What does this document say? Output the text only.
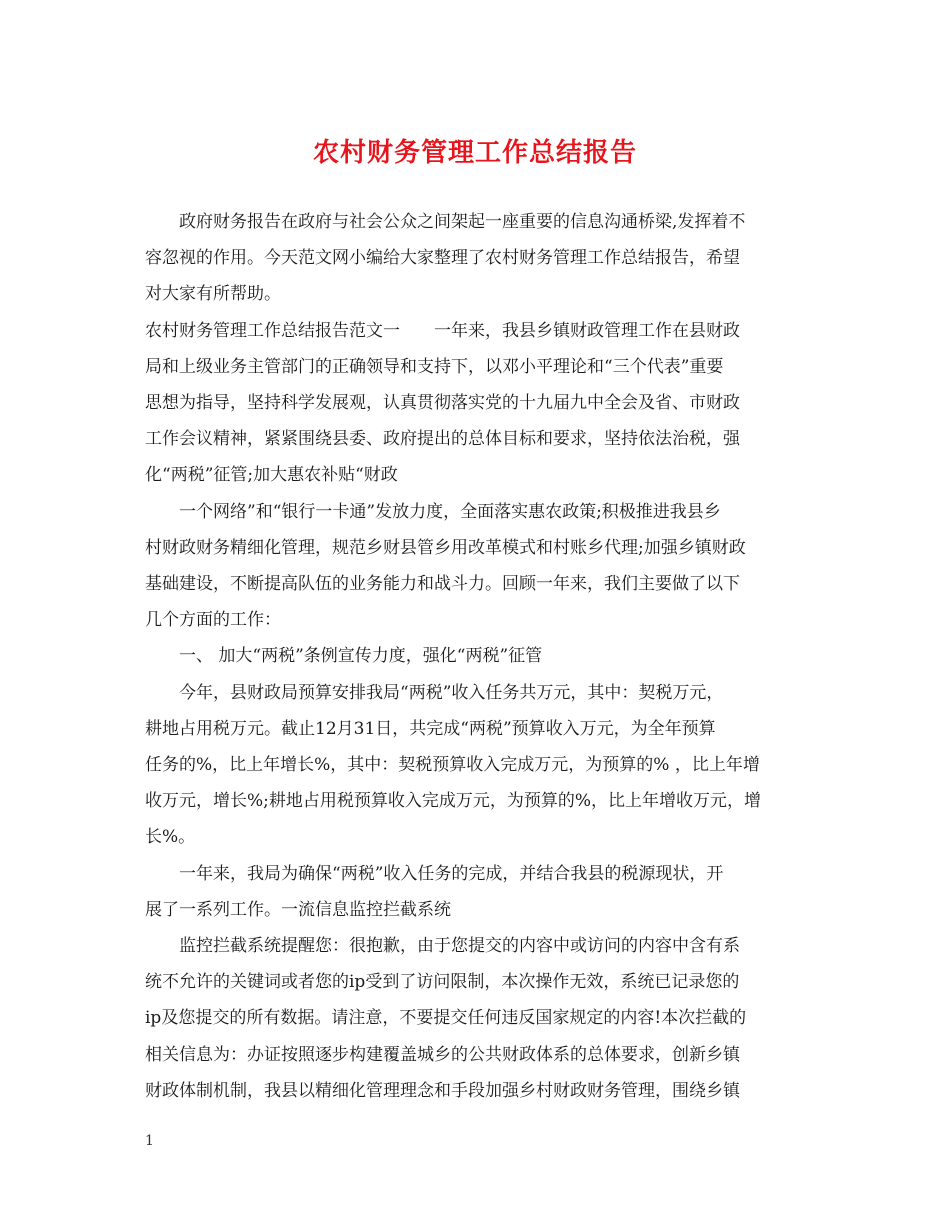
农村财务管理工作总结报告
政府财务报告在政府与社会公众之间架起一座重要的信息沟通桥梁,发挥着不
容忽视的作用。今天范文网小编给大家整理了农村财务管理工作总结报告，希望
对大家有所帮助。
农村财务管理工作总结报告范文一　　一年来，我县乡镇财政管理工作在县财政
局和上级业务主管部门的正确领导和支持下，以邓小平理论和“三个代表”重要
思想为指导，坚持科学发展观，认真贯彻落实党的十九届九中全会及省、市财政
工作会议精神，紧紧围绕县委、政府提出的总体目标和要求，坚持依法治税，强
化“两税”征管;加大惠农补贴“财政
一个网络”和“银行一卡通”发放力度，全面落实惠农政策;积极推进我县乡
村财政财务精细化管理，规范乡财县管乡用改革模式和村账乡代理;加强乡镇财政
基础建设，不断提高队伍的业务能力和战斗力。回顾一年来，我们主要做了以下
几个方面的工作：
一、 加大“两税”条例宣传力度，强化“两税”征管
今年，县财政局预算安排我局“两税”收入任务共万元，其中：契税万元，
耕地占用税万元。截止12月31日，共完成“两税”预算收入万元，为全年预算
任务的%，比上年增长%，其中：契税预算收入完成万元，为预算的% ，比上年增
收万元，增长%;耕地占用税预算收入完成万元，为预算的%，比上年增收万元，增
长%。
一年来，我局为确保“两税”收入任务的完成，并结合我县的税源现状，开
展了一系列工作。一流信息监控拦截系统
监控拦截系统提醒您：很抱歉，由于您提交的内容中或访问的内容中含有系
统不允许的关键词或者您的ip受到了访问限制，本次操作无效，系统已记录您的
ip及您提交的所有数据。请注意，不要提交任何违反国家规定的内容!本次拦截的
相关信息为：办证按照逐步构建覆盖城乡的公共财政体系的总体要求，创新乡镇
财政体制机制，我县以精细化管理理念和手段加强乡村财政财务管理，围绕乡镇
1
